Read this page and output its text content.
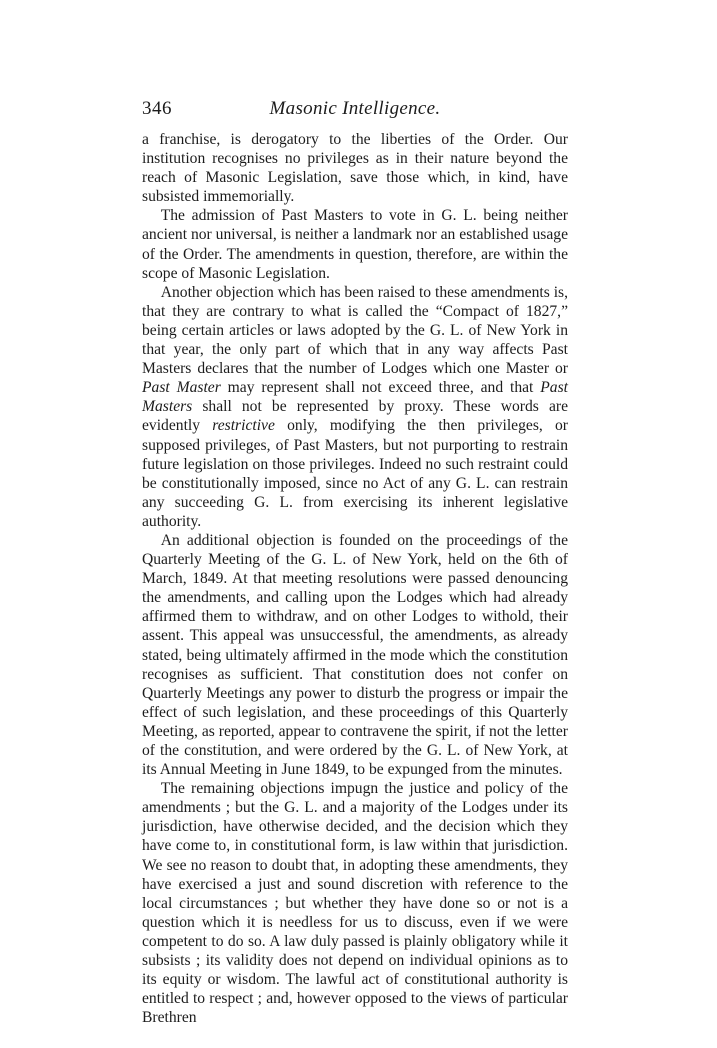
346	Masonic Intelligence.

a franchise, is derogatory to the liberties of the Order. Our institution recognises no privileges as in their nature beyond the reach of Masonic Legislation, save those which, in kind, have subsisted immemorially.

The admission of Past Masters to vote in G. L. being neither ancient nor universal, is neither a landmark nor an established usage of the Order. The amendments in question, therefore, are within the scope of Masonic Legislation.

Another objection which has been raised to these amendments is, that they are contrary to what is called the “Compact of 1827,” being certain articles or laws adopted by the G. L. of New York in that year, the only part of which that in any way affects Past Masters declares that the number of Lodges which one Master or Past Master may represent shall not exceed three, and that Past Masters shall not be represented by proxy. These words are evidently restrictive only, modifying the then privileges, or supposed privileges, of Past Masters, but not purporting to restrain future legislation on those privileges. Indeed no such restraint could be constitutionally imposed, since no Act of any G. L. can restrain any succeeding G. L. from exercising its inherent legislative authority.

An additional objection is founded on the proceedings of the Quarterly Meeting of the G. L. of New York, held on the 6th of March, 1849. At that meeting resolutions were passed denouncing the amendments, and calling upon the Lodges which had already affirmed them to withdraw, and on other Lodges to withold, their assent. This appeal was unsuccessful, the amendments, as already stated, being ultimately affirmed in the mode which the constitution recognises as sufficient. That constitution does not confer on Quarterly Meetings any power to disturb the progress or impair the effect of such legislation, and these proceedings of this Quarterly Meeting, as reported, appear to contravene the spirit, if not the letter of the constitution, and were ordered by the G. L. of New York, at its Annual Meeting in June 1849, to be expunged from the minutes.

The remaining objections impugn the justice and policy of the amendments ; but the G. L. and a majority of the Lodges under its jurisdiction, have otherwise decided, and the decision which they have come to, in constitutional form, is law within that jurisdiction. We see no reason to doubt that, in adopting these amendments, they have exercised a just and sound discretion with reference to the local circumstances ; but whether they have done so or not is a question which it is needless for us to discuss, even if we were competent to do so. A law duly passed is plainly obligatory while it subsists ; its validity does not depend on individual opinions as to its equity or wisdom. The lawful act of constitutional authority is entitled to respect ; and, however opposed to the views of particular Brethren
